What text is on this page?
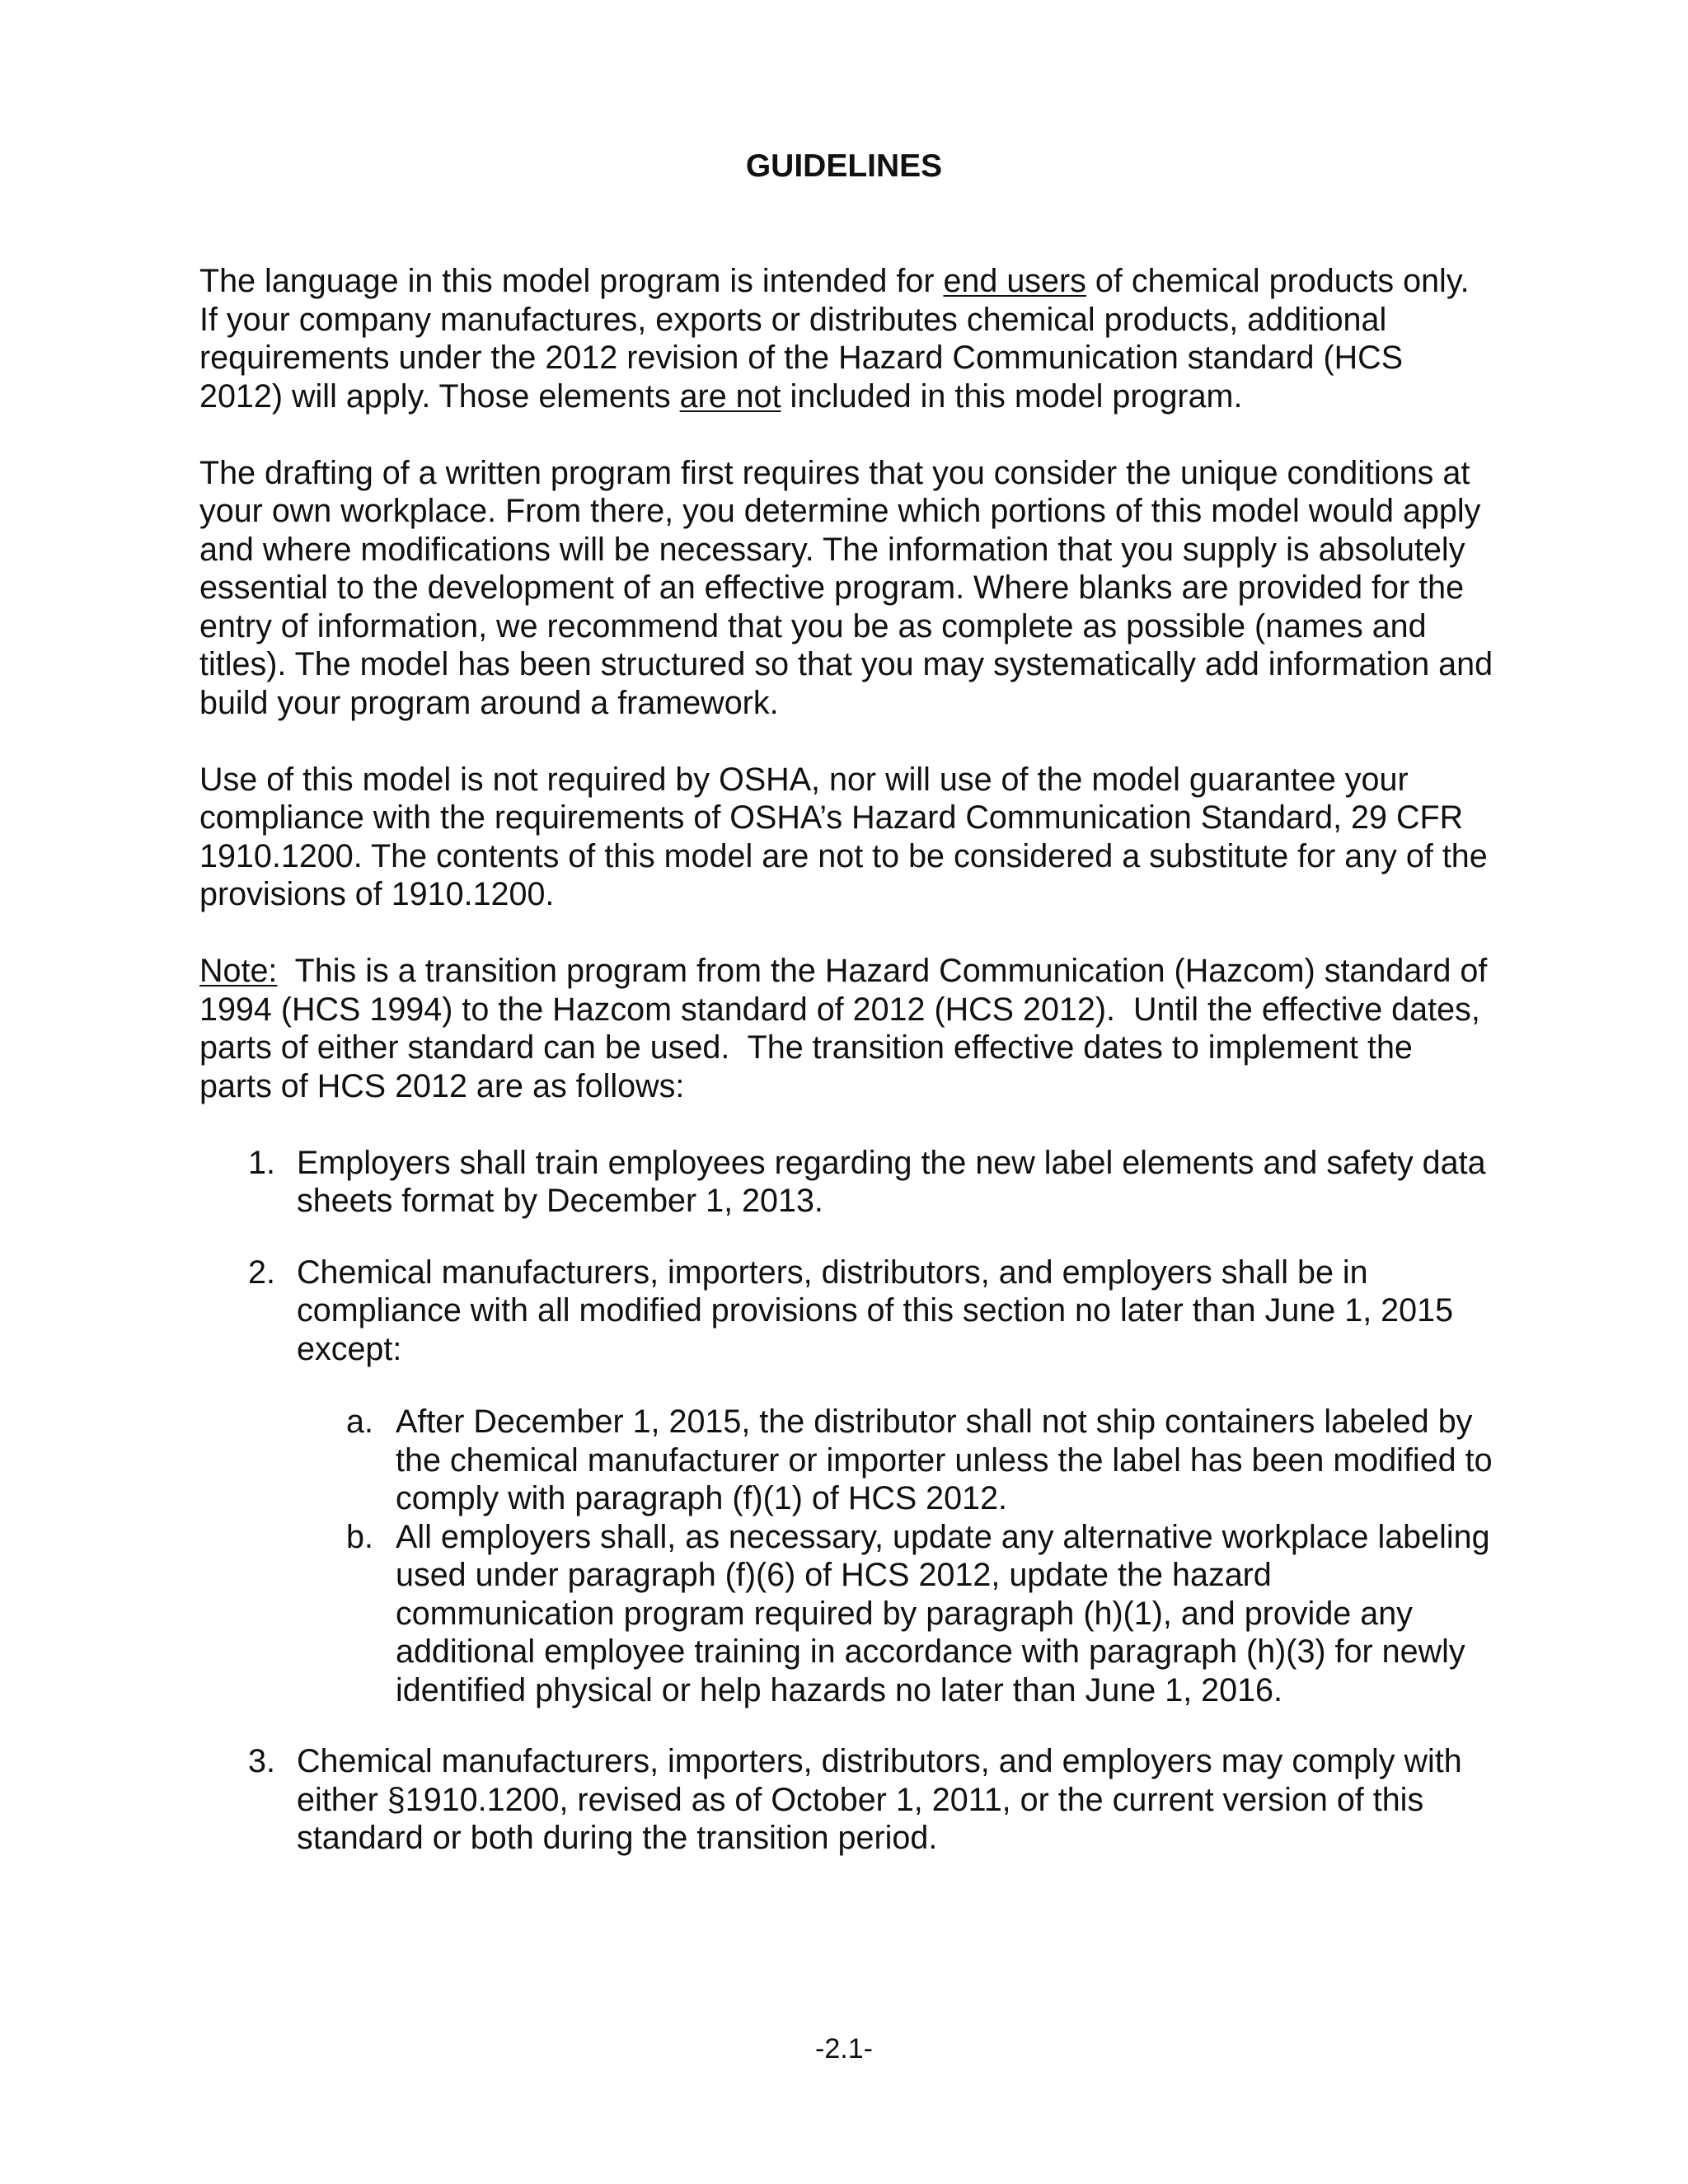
GUIDELINES

The language in this model program is intended for end users of chemical products only. If your company manufactures, exports or distributes chemical products, additional requirements under the 2012 revision of the Hazard Communication standard (HCS 2012) will apply. Those elements are not included in this model program.

The drafting of a written program first requires that you consider the unique conditions at your own workplace. From there, you determine which portions of this model would apply and where modifications will be necessary. The information that you supply is absolutely essential to the development of an effective program. Where blanks are provided for the entry of information, we recommend that you be as complete as possible (names and titles). The model has been structured so that you may systematically add information and build your program around a framework.

Use of this model is not required by OSHA, nor will use of the model guarantee your compliance with the requirements of OSHA’s Hazard Communication Standard, 29 CFR 1910.1200. The contents of this model are not to be considered a substitute for any of the provisions of 1910.1200.

Note:  This is a transition program from the Hazard Communication (Hazcom) standard of 1994 (HCS 1994) to the Hazcom standard of 2012 (HCS 2012).  Until the effective dates, parts of either standard can be used.  The transition effective dates to implement the parts of HCS 2012 are as follows:

1. Employers shall train employees regarding the new label elements and safety data sheets format by December 1, 2013.
2. Chemical manufacturers, importers, distributors, and employers shall be in compliance with all modified provisions of this section no later than June 1, 2015 except:
a. After December 1, 2015, the distributor shall not ship containers labeled by the chemical manufacturer or importer unless the label has been modified to comply with paragraph (f)(1) of HCS 2012.
b. All employers shall, as necessary, update any alternative workplace labeling used under paragraph (f)(6) of HCS 2012, update the hazard communication program required by paragraph (h)(1), and provide any additional employee training in accordance with paragraph (h)(3) for newly identified physical or help hazards no later than June 1, 2016.
3. Chemical manufacturers, importers, distributors, and employers may comply with either §1910.1200, revised as of October 1, 2011, or the current version of this standard or both during the transition period.
-2.1-
